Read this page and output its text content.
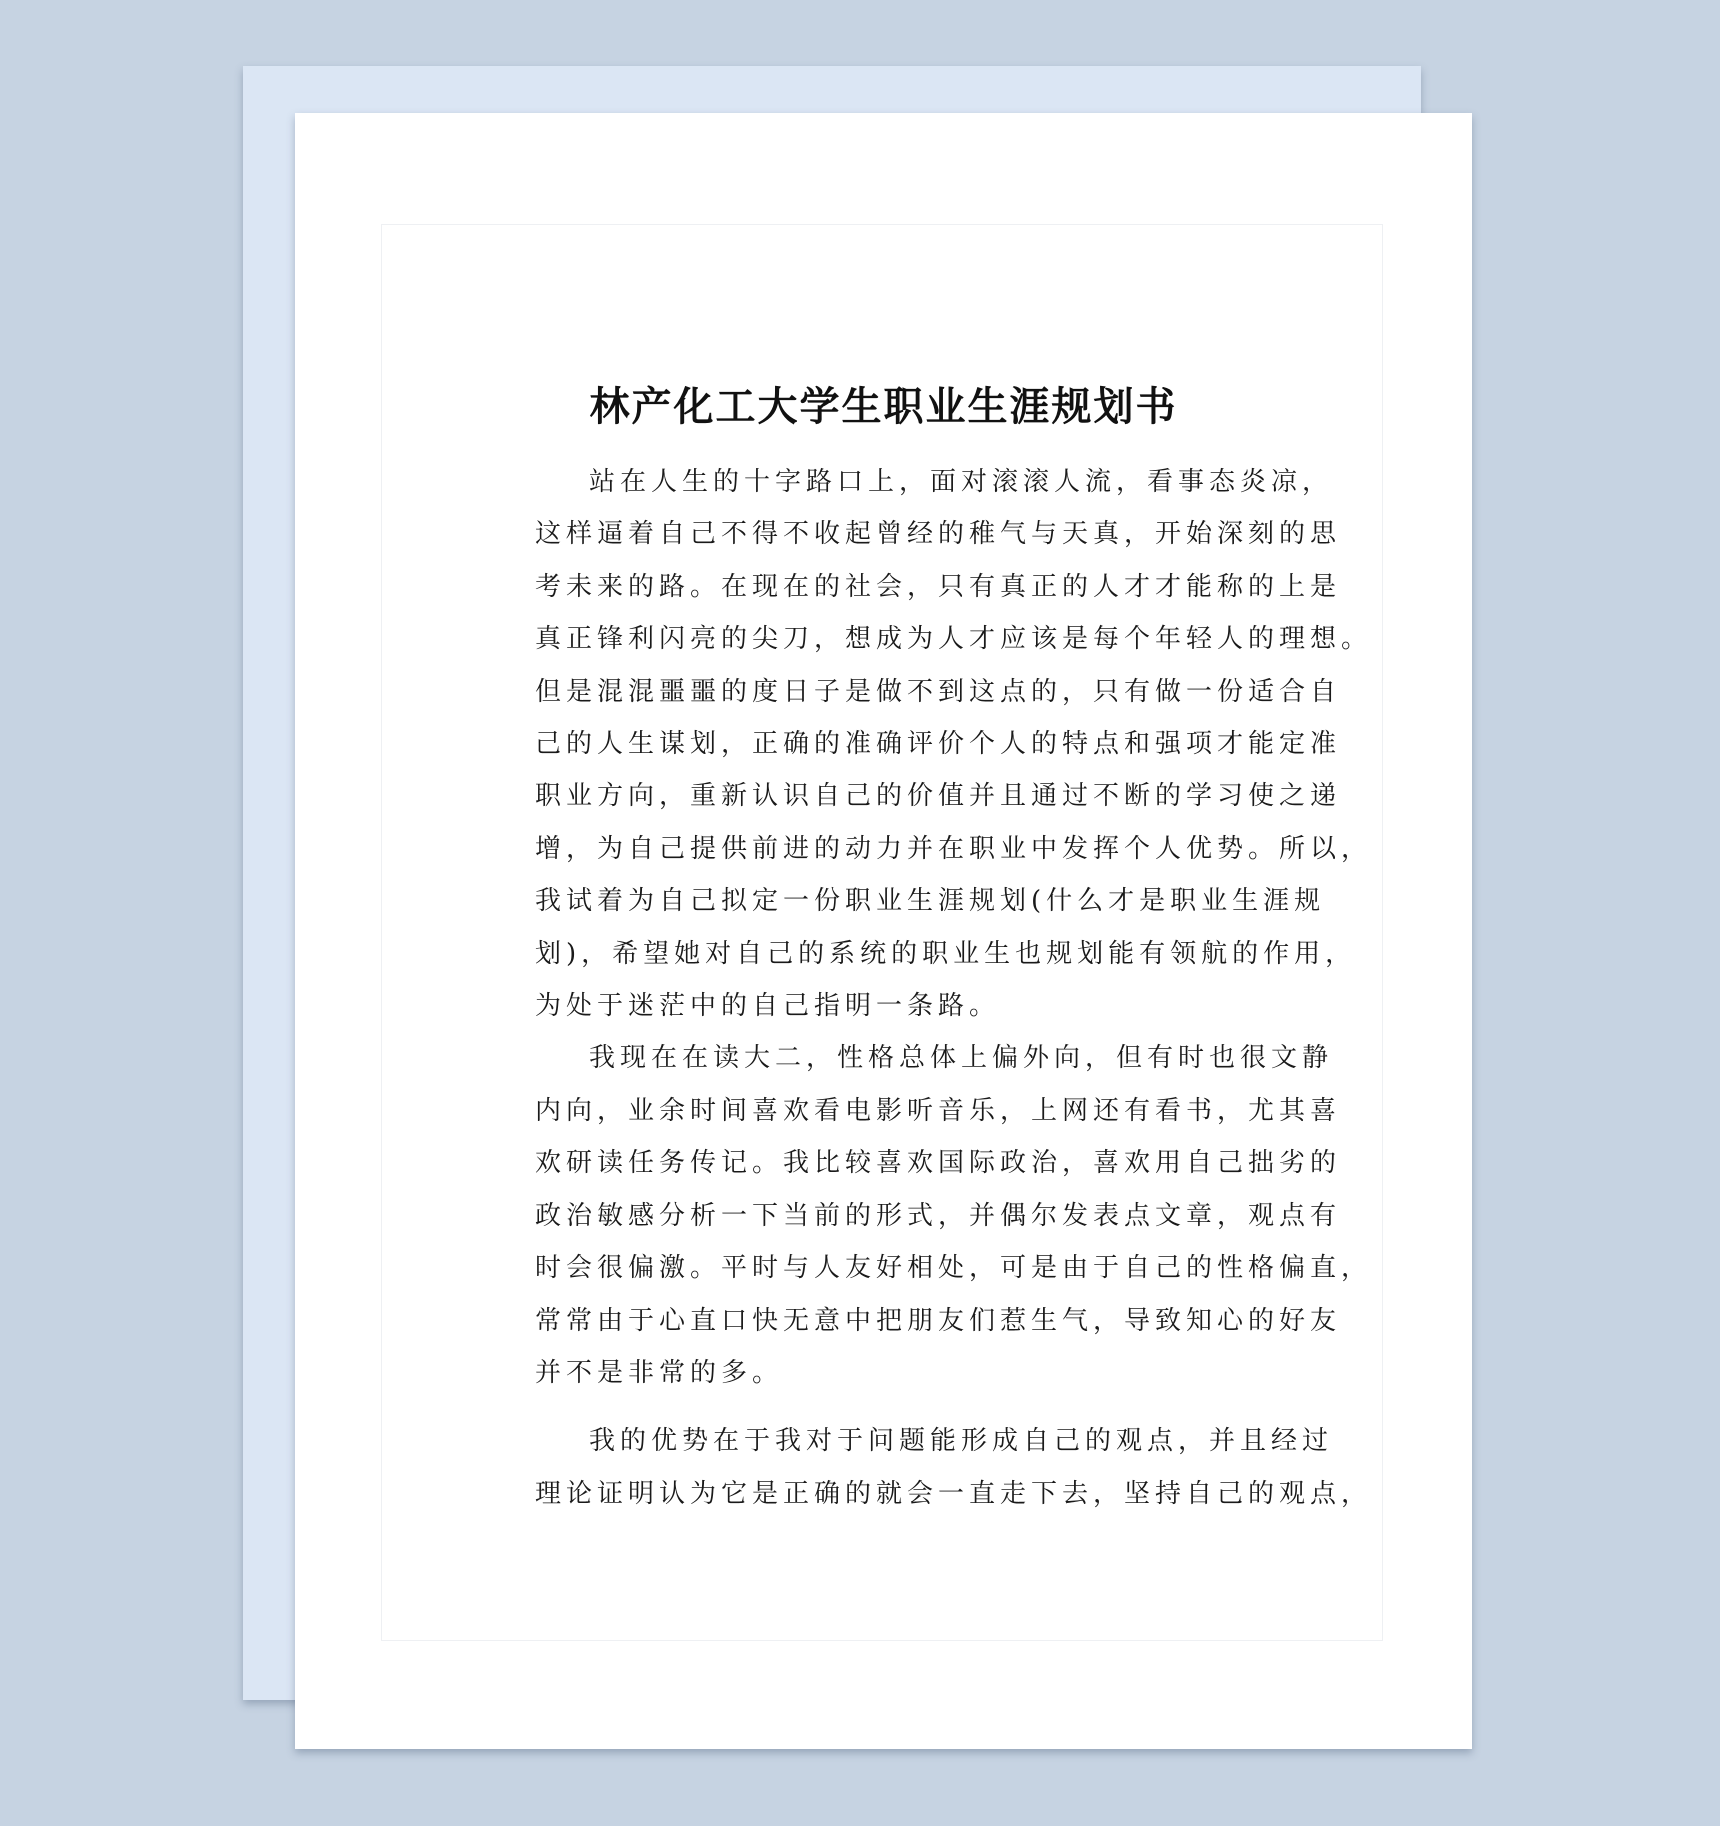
林产化工大学生职业生涯规划书
站在人生的十字路口上，面对滚滚人流，看事态炎凉，
这样逼着自己不得不收起曾经的稚气与天真，开始深刻的思
考未来的路。在现在的社会，只有真正的人才才能称的上是
真正锋利闪亮的尖刀，想成为人才应该是每个年轻人的理想。
但是混混噩噩的度日子是做不到这点的，只有做一份适合自
己的人生谋划，正确的准确评价个人的特点和强项才能定准
职业方向，重新认识自己的价值并且通过不断的学习使之递
增，为自己提供前进的动力并在职业中发挥个人优势。所以，
我试着为自己拟定一份职业生涯规划(什么才是职业生涯规
划)，希望她对自己的系统的职业生也规划能有领航的作用，
为处于迷茫中的自己指明一条路。
我现在在读大二，性格总体上偏外向，但有时也很文静
内向，业余时间喜欢看电影听音乐，上网还有看书，尤其喜
欢研读任务传记。我比较喜欢国际政治，喜欢用自己拙劣的
政治敏感分析一下当前的形式，并偶尔发表点文章，观点有
时会很偏激。平时与人友好相处，可是由于自己的性格偏直，
常常由于心直口快无意中把朋友们惹生气，导致知心的好友
并不是非常的多。
我的优势在于我对于问题能形成自己的观点，并且经过
理论证明认为它是正确的就会一直走下去，坚持自己的观点，
